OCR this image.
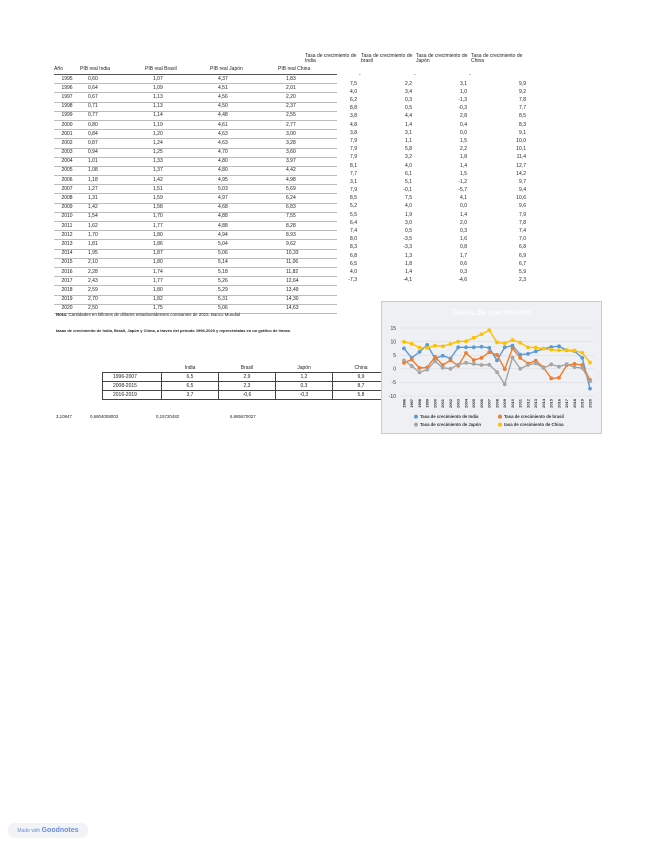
Año	PIB real India	PIB real Brasil	PIB real Japón	PIB real China
1995	0,60	1,07	4,37	1,83
1996	0,64	1,09	4,51	2,01
1997	0,67	1,13	4,56	2,20
1998	0,71	1,13	4,50	2,37
1999	0,77	1,14	4,48	2,55
2000	0,80	1,19	4,61	2,77
2001	0,84	1,20	4,63	3,00
2002	0,87	1,24	4,63	3,28
2003	0,94	1,25	4,70	3,60
2004	1,01	1,33	4,80	3,97
2005	1,08	1,37	4,80	4,42
2006	1,18	1,42	4,95	4,98
2007	1,27	1,51	5,03	5,69
2008	1,31	1,59	4,97	6,24
2009	1,42	1,58	4,68	6,83
2010	1,54	1,70	4,88	7,55
2011	1,62	1,77	4,88	8,28
2012	1,70	1,80	4,94	8,93
2013	1,81	1,86	5,04	9,62
2014	1,95	1,87	5,06	10,33
2015	2,10	1,80	5,14	11,06
2016	2,28	1,74	5,18	11,82
2017	2,43	1,77	5,26	12,64
2018	2,59	1,80	5,29	13,49
2019	2,70	1,82	5,31	14,30
2020	2,50	1,75	5,06	14,63
Tasa de crecimiento de India	Tasa de crecimiento de brasil	Tasa de crecimiento de Japón	Tasa de crecimiento de China
-	-	-	-
7,5	2,2	3,1	9,9
4,0	3,4	1,0	9,2
6,2	0,3	-1,3	7,8
8,8	0,5	-0,3	7,7
3,8	4,4	2,8	8,5
4,8	1,4	0,4	8,3
3,8	3,1	0,0	9,1
7,9	1,1	1,5	10,0
7,9	5,8	2,2	10,1
7,9	3,2	1,8	11,4
8,1	4,0	1,4	12,7
7,7	6,1	1,5	14,2
3,1	5,1	-1,2	9,7
7,9	-0,1	-5,7	9,4
8,5	7,5	4,1	10,6
5,2	4,0	0,0	9,6
5,5	1,9	1,4	7,9
6,4	3,0	2,0	7,8
7,4	0,5	0,3	7,4
8,0	-3,5	1,6	7,0
8,3	-3,3	0,8	6,8
6,8	1,3	1,7	6,9
6,5	1,8	0,6	6,7
4,0	1,4	0,3	5,9
-7,3	-4,1	-4,6	2,3
Nota: Cantidades en billones de dólares estadounidenses constantes de 2015. Banco Mundial
tasas de crecimiento de India, Brasil, Japón y China, a través del período 1996-2020 y represéntalas en un gráfico de líneas.
	India	Brasil	Japón	China
1996-2007	6,5	2,9	1,2	9,9
2008-2015	6,5	2,3	0,3	8,7
2016-2019	3,7	-0,6	-0,3	5,8
3,10847	0,6804008003	0,15720482	6,985670027
Tasas de crecimeinto
15
10
5
0
-5
-10
1996 1997 1998 1999 2000 2001 2002 2003 2004 2005 2006 2007 2008 2009 2010 2011 2012 2013 2014 2015 2016 2017 2018 2019 2020
Tasa de crecimiento de India	Tasa de crecimiento de brasil
Tasa de crecimiento de Japón	tasa de crecimiento de China
Made with Goodnotes
